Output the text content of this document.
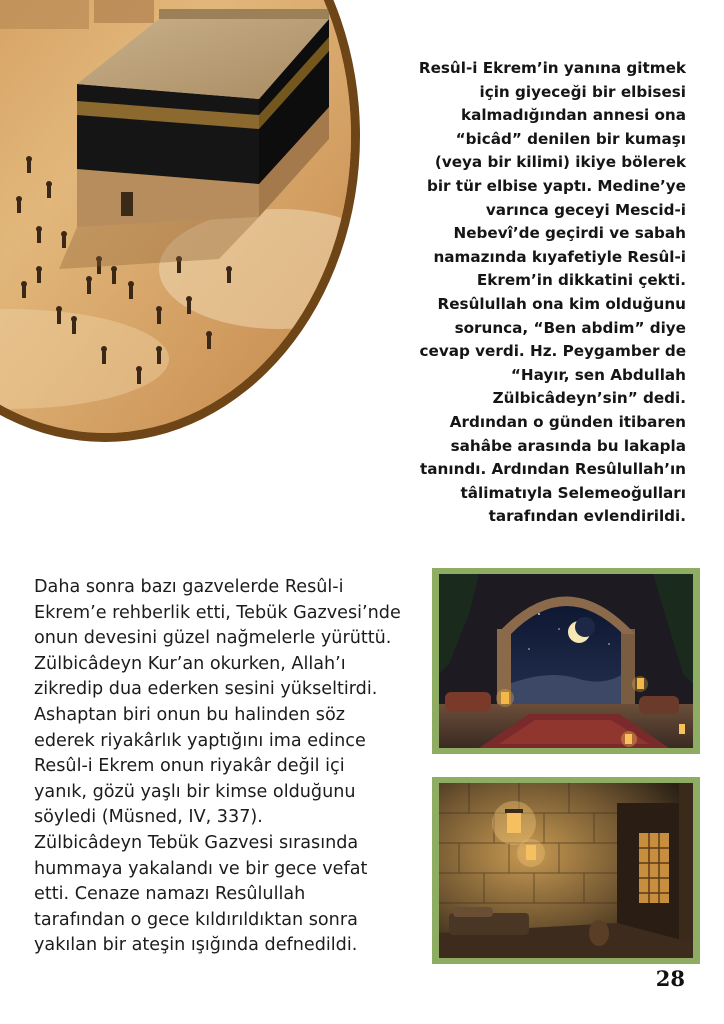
Resûl-i Ekrem’in yanına gitmek
için giyeceği bir elbisesi
kalmadığından annesi ona
“bicâd” denilen bir kumaşı
(veya bir kilimi) ikiye bölerek
bir tür elbise yaptı. Medine’ye
varınca geceyi Mescid-i
Nebevî’de geçirdi ve sabah
namazında kıyafetiyle Resûl-i
Ekrem’in dikkatini çekti.
Resûlullah ona kim olduğunu
sorunca, “Ben abdim” diye
cevap verdi. Hz. Peygamber de
“Hayır, sen Abdullah
Zülbicâdeyn’sin” dedi.
Ardından o günden itibaren
sahâbe arasında bu lakapla
tanındı. Ardından Resûlullah’ın
tâlimatıyla Selemeoğulları
tarafından evlendirildi.

Daha sonra bazı gazvelerde Resûl-i
Ekrem’e rehberlik etti, Tebük Gazvesi’nde
onun devesini güzel nağmelerle yürüttü.
Zülbicâdeyn Kur’an okurken, Allah’ı
zikredip dua ederken sesini yükseltirdi.
Ashaptan biri onun bu halinden söz
ederek riyakârlık yaptığını ima edince
Resûl-i Ekrem onun riyakâr değil içi
yanık, gözü yaşlı bir kimse olduğunu
söyledi (Müsned, IV, 337).
Zülbicâdeyn Tebük Gazvesi sırasında
hummaya yakalandı ve bir gece vefat
etti. Cenaze namazı Resûlullah
tarafından o gece kıldırıldıktan sonra
yakılan bir ateşin ışığında defnedildi.

28
